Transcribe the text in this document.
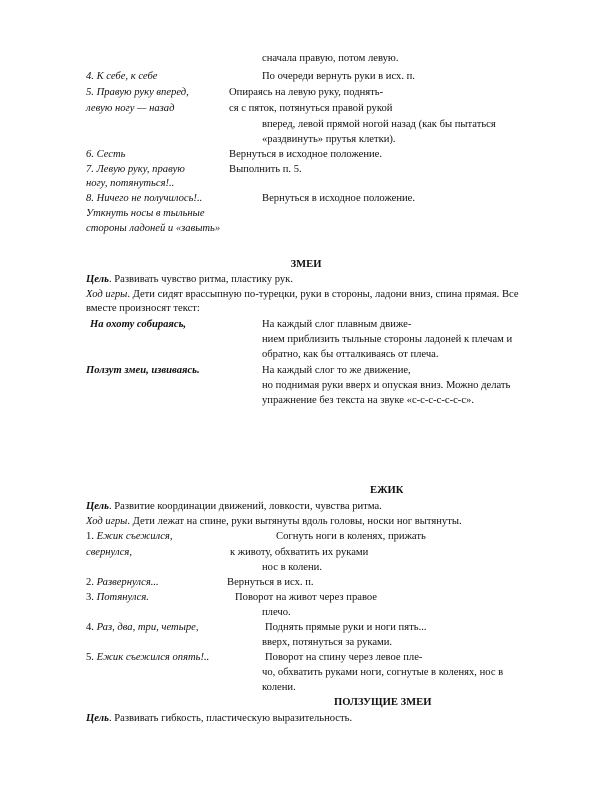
сначала правую, потом левую.
4. К себе, к себе	По очереди вернуть руки в исх. п.
5. Правую руку вперед,	Опираясь на левую руку, поднять-
левую ногу — назад	ся с пяток, потянуться правой рукой
вперед, левой прямой ногой назад (как бы пытаться
«раздвинуть» прутья клетки).
6. Сесть	Вернуться в исходное положение.
7. Левую руку, правую	Выполнить п. 5.
ногу, потянуться!..
8. Ничего не получилось!..	Вернуться в исходное положение.
Уткнуть носы в тыльные
стороны ладоней и «завыть»
ЗМЕИ
Цель. Развивать чувство ритма, пластику рук.
Ход игры. Дети сидят врассыпную по-турецки, руки в стороны, ладони вниз, спина прямая. Все
вместе произносят текст:
На охоту собираясь,	На каждый слог плавным движе-
нием приблизить тыльные стороны ладоней к плечам и
обратно, как бы отталкиваясь от плеча.
Ползут змеи, извиваясь.	На каждый слог то же движение,
но поднимая руки вверх и опуская вниз. Можно делать
упражнение без текста на звуке «с-с-с-с-с-с-с».
ЕЖИК
Цель. Развитие координации движений, ловкости, чувства ритма.
Ход игры. Дети лежат на спине, руки вытянуты вдоль головы, носки ног вытянуты.
1. Ежик съежился,	Согнуть ноги в коленях, прижать
свернулся,	к животу, обхватить их руками
нос в колени.
2. Развернулся...	Вернуться в исх. п.
3. Потянулся.	Поворот на живот через правое
плечо.
4. Раз, два, три, четыре,	Поднять прямые руки и ноги пять...
вверх, потянуться за руками.
5. Ежик съежился опять!..	Поворот на спину через левое пле-
чо, обхватить руками ноги, согнутые в коленях, нос в
колени.
ПОЛЗУЩИЕ ЗМЕИ
Цель. Развивать гибкость, пластическую выразительность.
